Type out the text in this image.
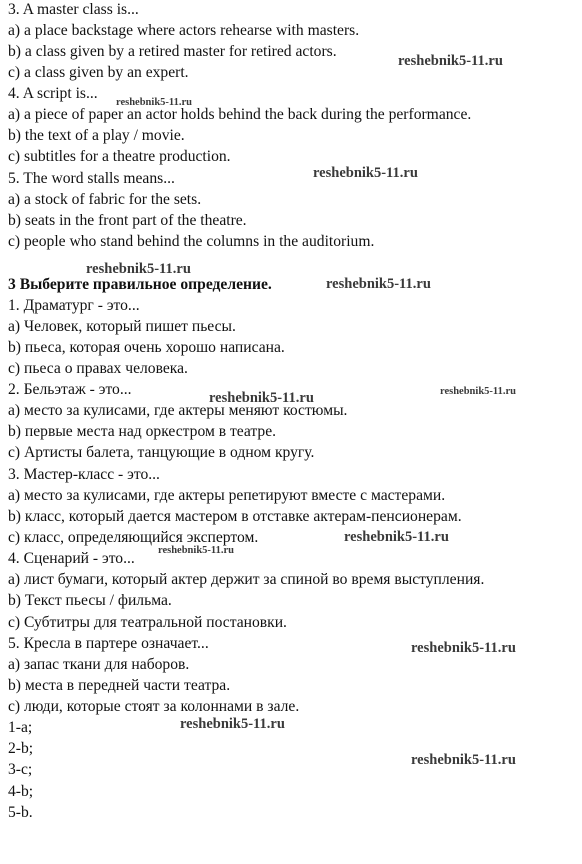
3. A master class is...
a) a place backstage where actors rehearse with masters.
b) a class given by a retired master for retired actors.
c) a class given by an expert.
4. A script is...
a) a piece of paper an actor holds behind the back during the performance.
b) the text of a play / movie.
c) subtitles for a theatre production.
5. The word stalls means...
a) a stock of fabric for the sets.
b) seats in the front part of the theatre.
c) people who stand behind the columns in the auditorium.
3 Выберите правильное определение.
1. Драматург - это...
a) Человек, который пишет пьесы.
b) пьеса, которая очень хорошо написана.
c) пьеса о правах человека.
2. Бельэтаж - это...
a) место за кулисами, где актеры меняют костюмы.
b) первые места над оркестром в театре.
c) Артисты балета, танцующие в одном кругу.
3. Мастер-класс - это...
a) место за кулисами, где актеры репетируют вместе с мастерами.
b) класс, который дается мастером в отставке актерам-пенсионерам.
c) класс, определяющийся экспертом.
4. Сценарий - это...
a) лист бумаги, который актер держит за спиной во время выступления.
b) Текст пьесы / фильма.
c) Субтитры для театральной постановки.
5. Кресла в партере означает...
a) запас ткани для наборов.
b) места в передней части театра.
c) люди, которые стоят за колоннами в зале.
1-a;
2-b;
3-c;
4-b;
5-b.
reshebnik5-11.ru
reshebnik5-11.ru
reshebnik5-11.ru
reshebnik5-11.ru
reshebnik5-11.ru
reshebnik5-11.ru	reshebnik5-11.ru
reshebnik5-11.ru
reshebnik5-11.ru
reshebnik5-11.ru
reshebnik5-11.ru
reshebnik5-11.ru
